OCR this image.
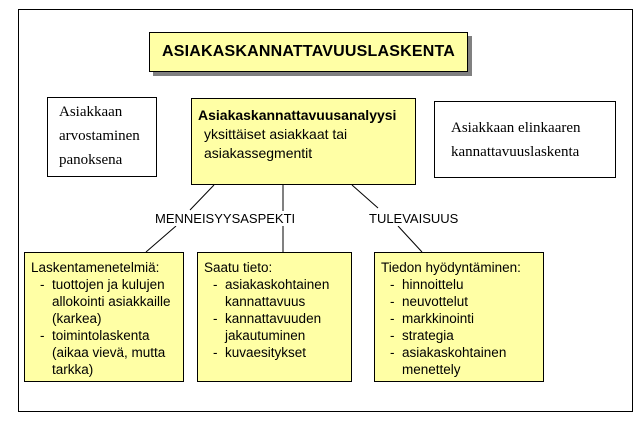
ASIAKASKANNATTAVUUSLASKENTA
Asiakkaan
arvostaminen
panoksena
Asiakaskannattavuusanalyysi
yksittäiset asiakkaat tai
asiakassegmentit
Asiakkaan elinkaaren
kannattavuuslaskenta
MENNEISYYSASPEKTI	TULEVAISUUS
Laskentamenetelmiä:
- tuottojen ja kulujen
allokointi asiakkaille
(karkea)
- toimintolaskenta
(aikaa vievä, mutta
tarkka)
Saatu tieto:
- asiakaskohtainen
kannattavuus
- kannattavuuden
jakautuminen
- kuvaesitykset
Tiedon hyödyntäminen:
- hinnoittelu
- neuvottelut
- markkinointi
- strategia
- asiakaskohtainen
menettely
